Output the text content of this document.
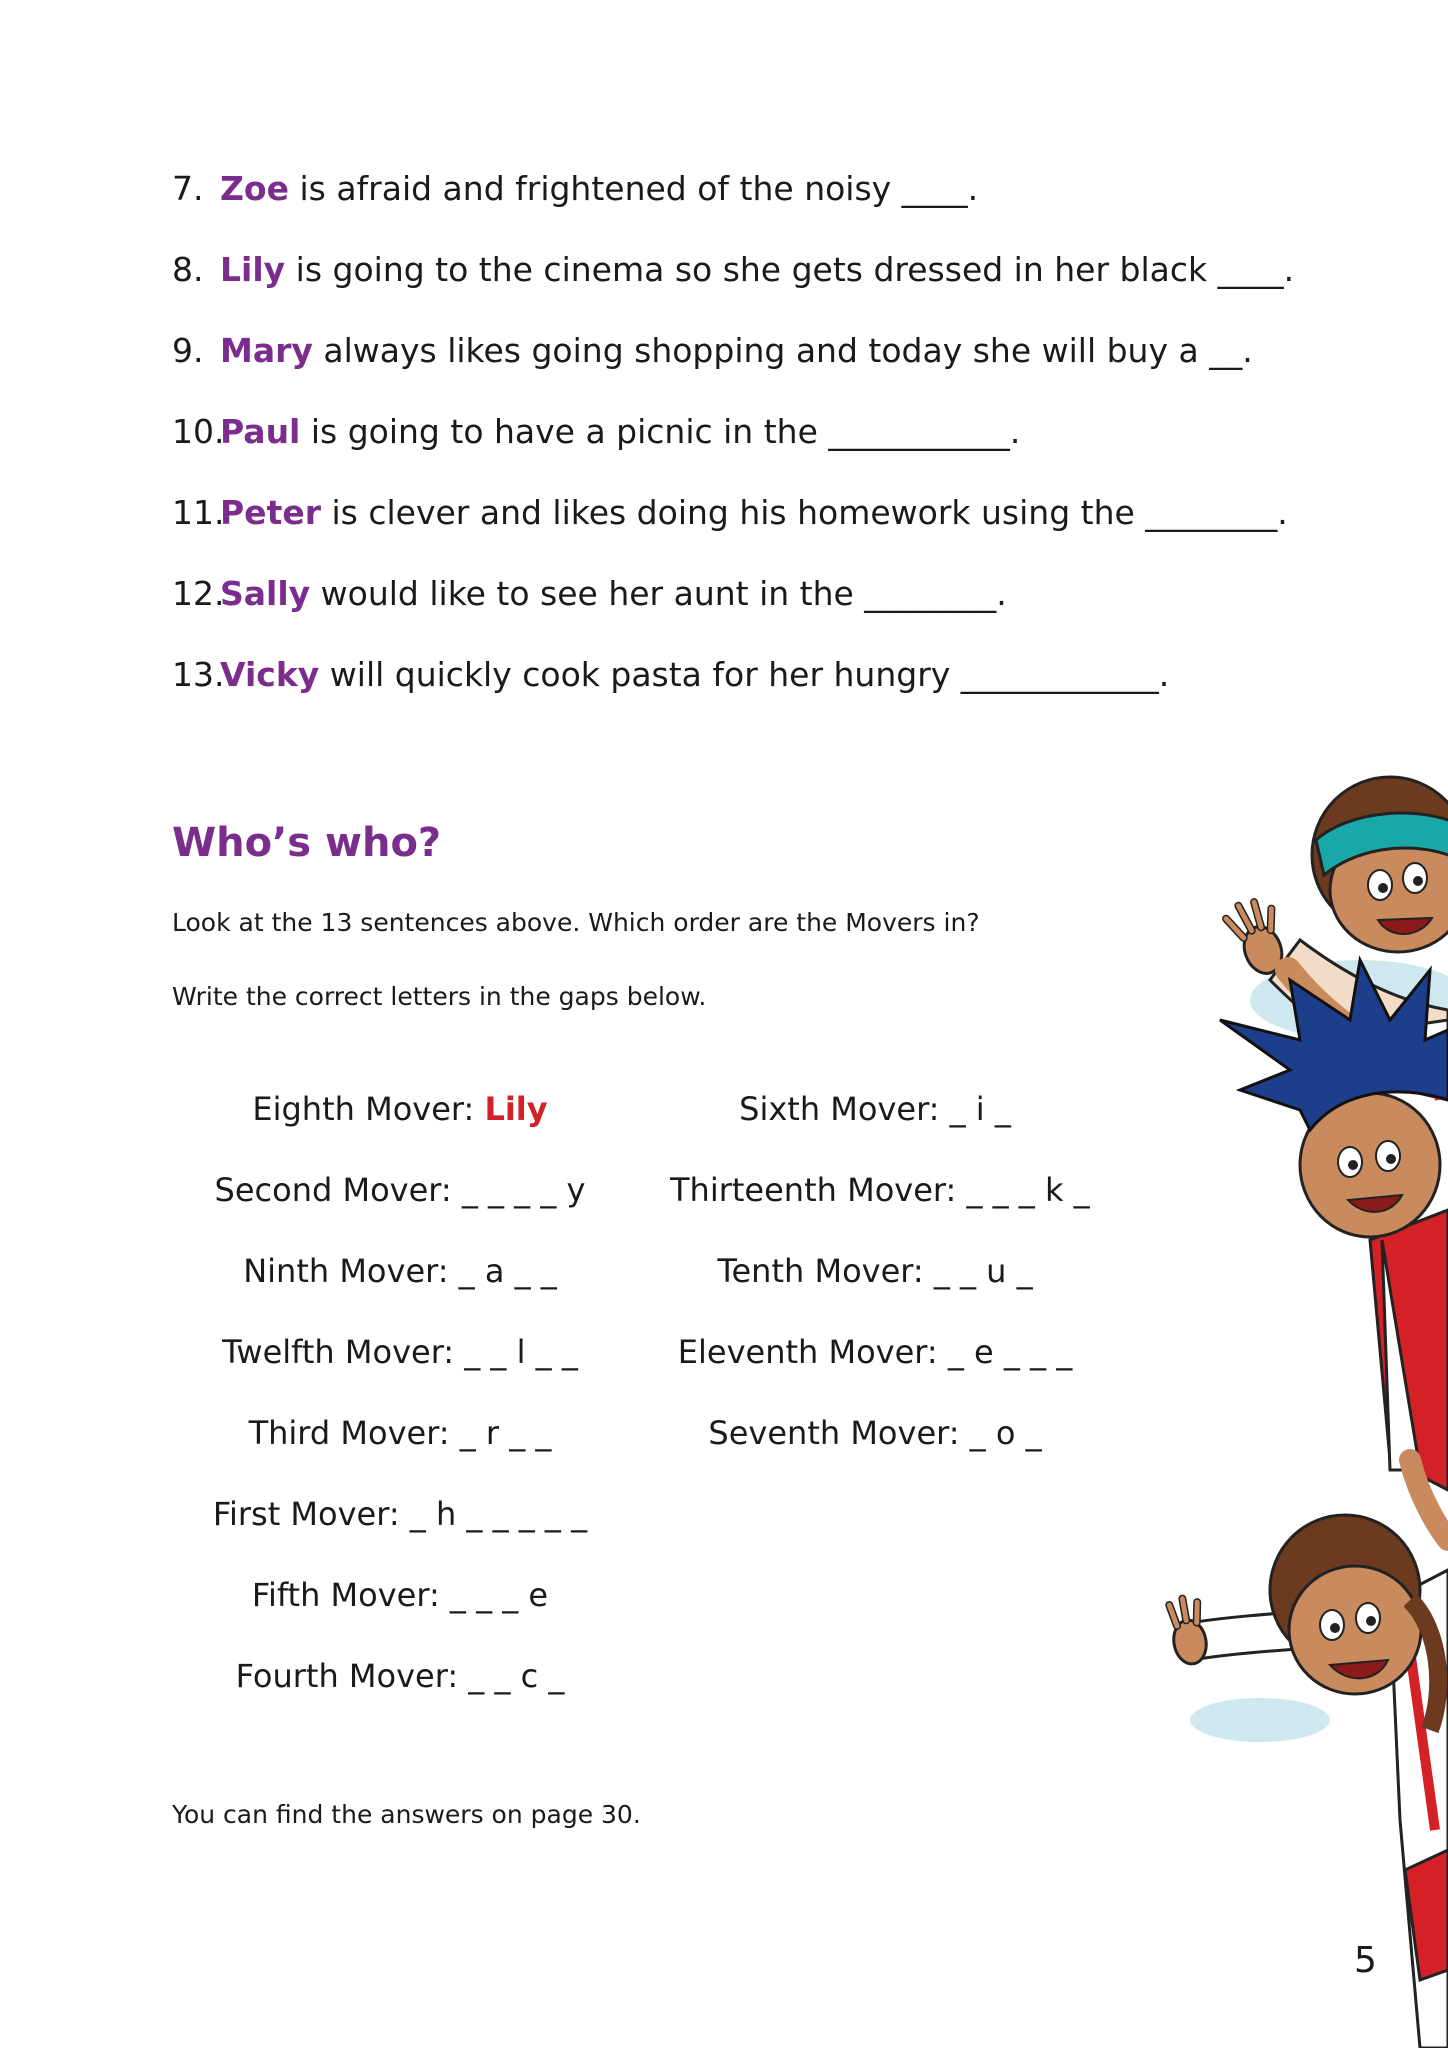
7. Zoe is afraid and frightened of the noisy ____.
8. Lily is going to the cinema so she gets dressed in her black ____.
9. Mary always likes going shopping and today she will buy a __.
10.Paul is going to have a picnic in the ___________.
11.Peter is clever and likes doing his homework using the ________.
12.Sally would like to see her aunt in the ________.
13.Vicky will quickly cook pasta for her hungry ____________.
Who’s who?

Look at the 13 sentences above. Which order are the Movers in?

Write the correct letters in the gaps below.

Eighth Mover: Lily
Second Mover: _ _ _ _ y
Ninth Mover: _ a _ _
Twelfth Mover: _ _ l _ _
Third Mover: _ r _ _
First Mover: _ h _ _ _ _ _
Fifth Mover: _ _ _ e
Fourth Mover: _ _ c _
Sixth Mover: _ i _
Thirteenth Mover: _ _ _ k _
Tenth Mover: _ _ u _
Eleventh Mover: _ e _ _ _
Seventh Mover: _ o _

You can find the answers on page 30.

5
